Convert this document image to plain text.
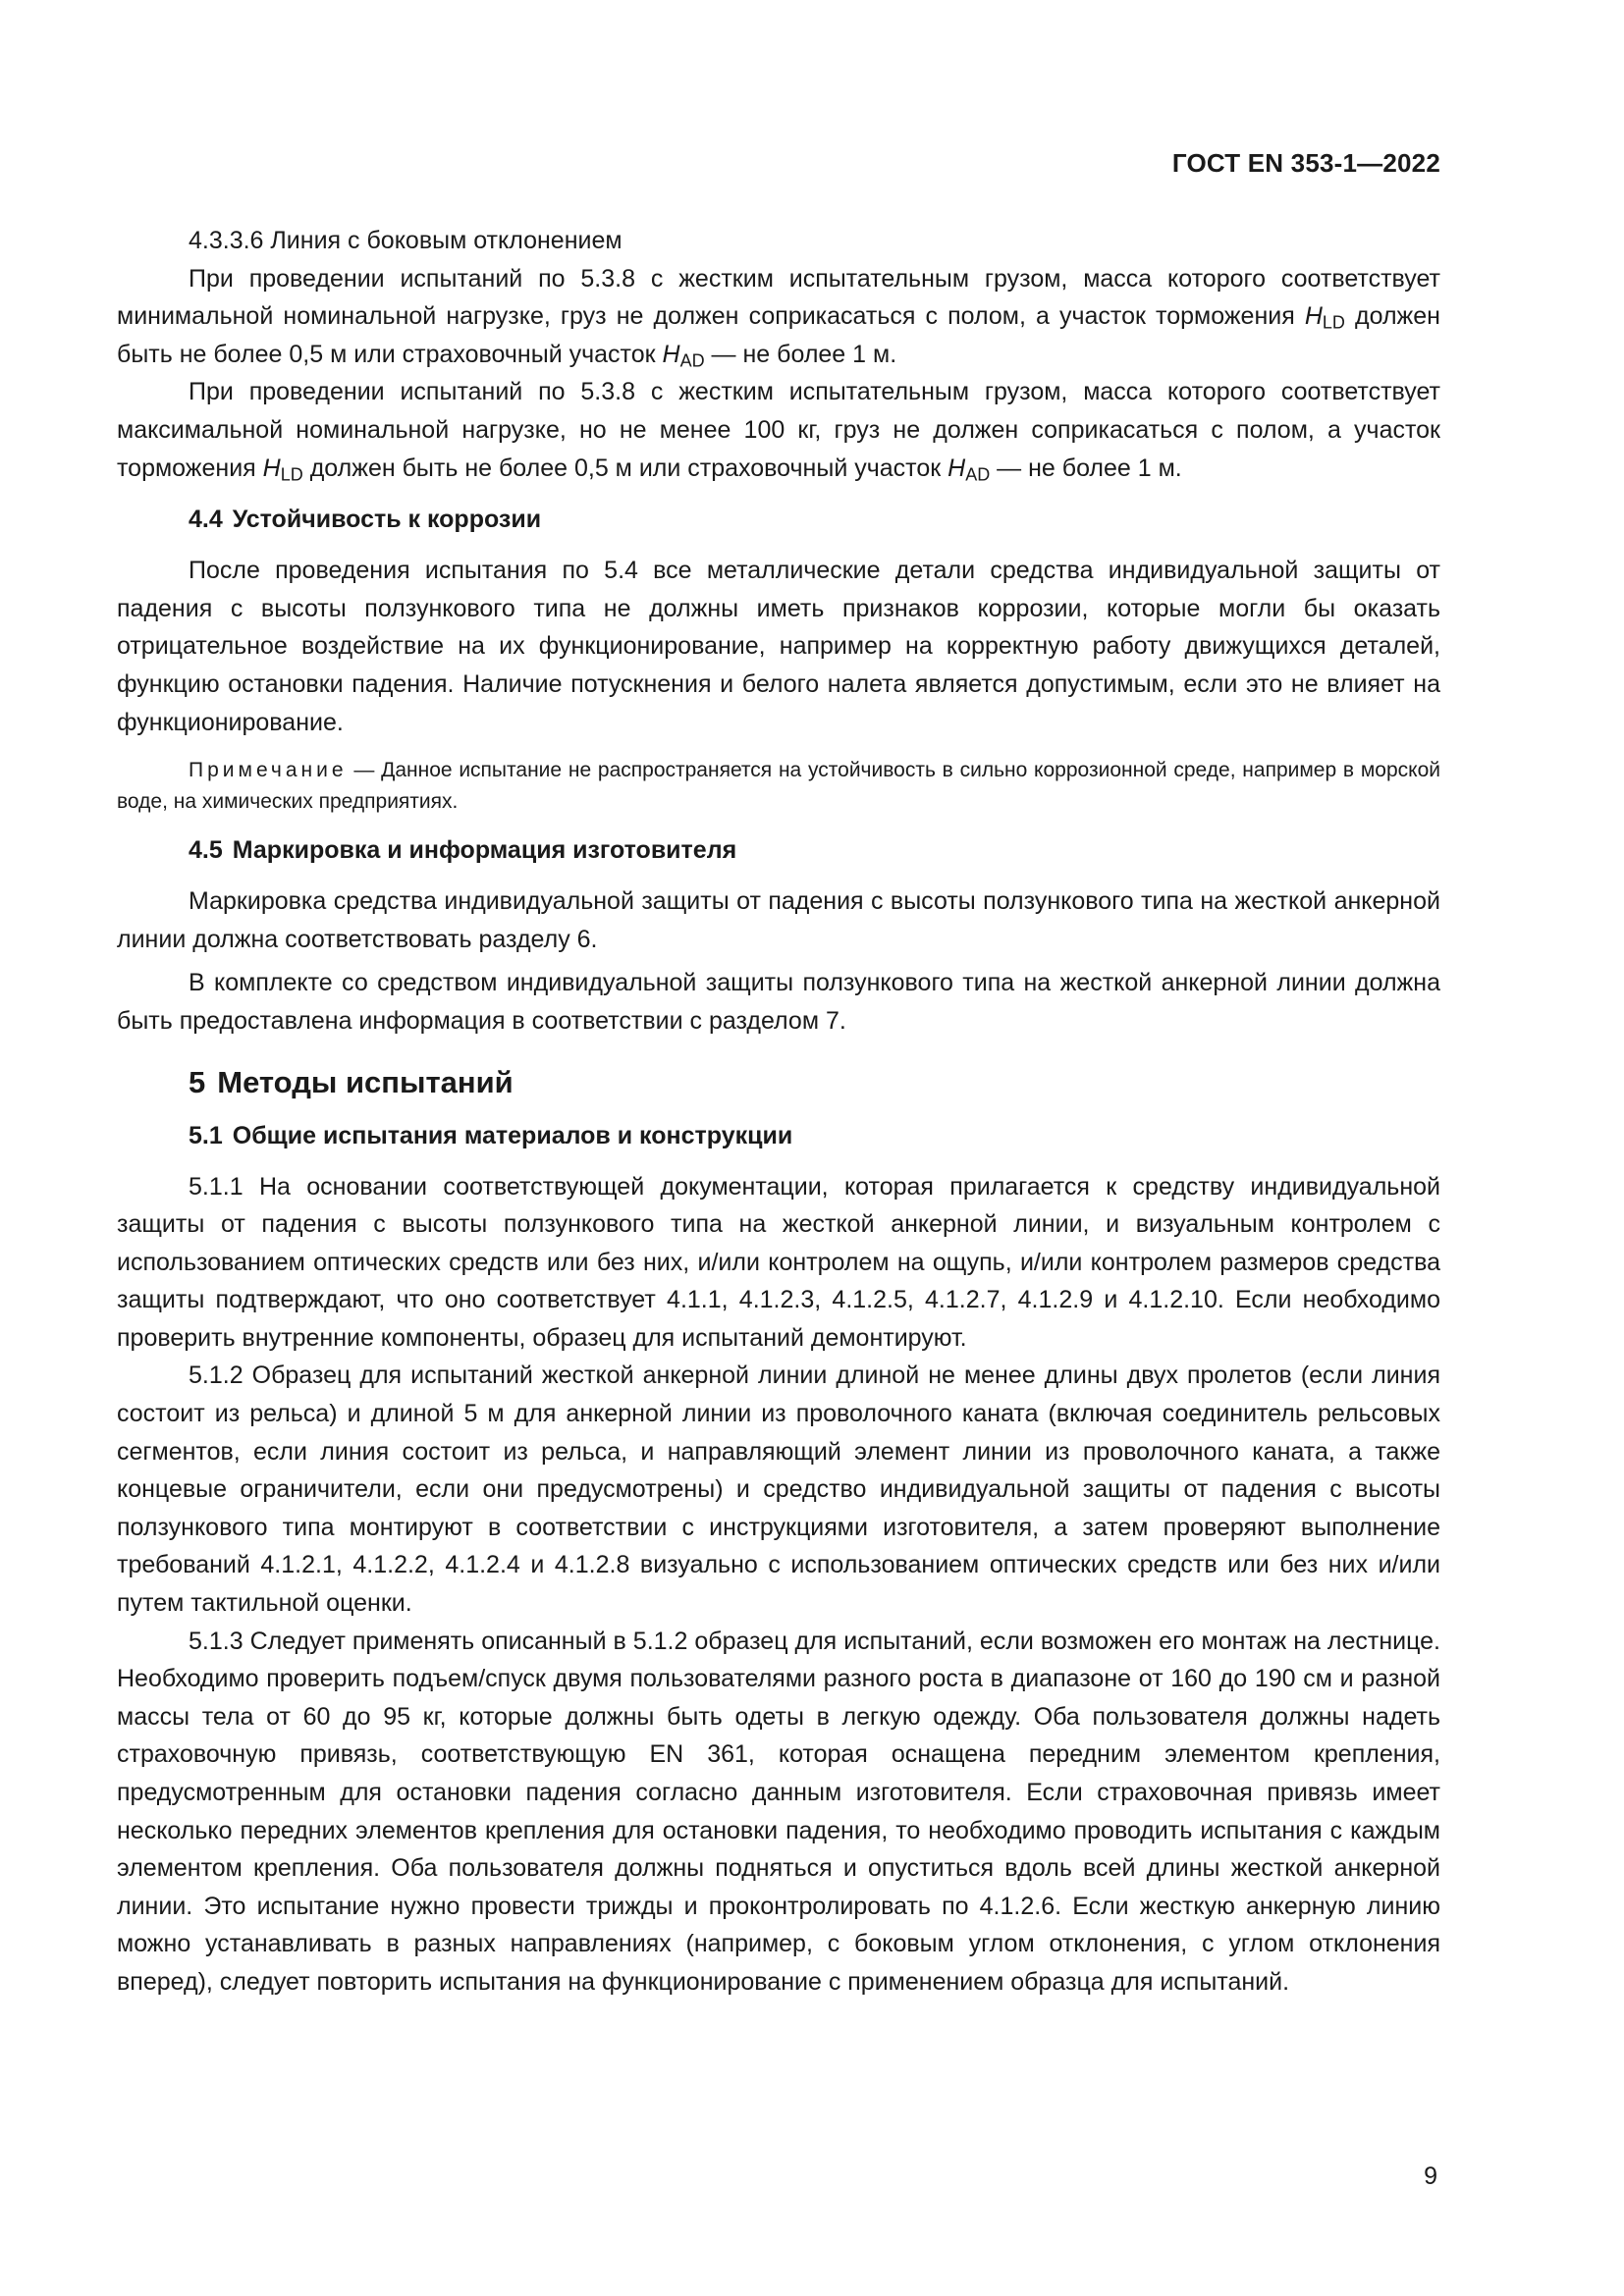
ГОСТ EN 353-1—2022

4.3.3.6 Линия с боковым отклонением

При проведении испытаний по 5.3.8 с жестким испытательным грузом, масса которого соответствует минимальной номинальной нагрузке, груз не должен соприкасаться с полом, а участок торможения $H_{LD}$ должен быть не более 0,5 м или страховочный участок $H_{AD}$ — не более 1 м.

При проведении испытаний по 5.3.8 с жестким испытательным грузом, масса которого соответствует максимальной номинальной нагрузке, но не менее 100 кг, груз не должен соприкасаться с полом, а участок торможения $H_{LD}$ должен быть не более 0,5 м или страховочный участок $H_{AD}$ — не более 1 м.

4.4 Устойчивость к коррозии

После проведения испытания по 5.4 все металлические детали средства индивидуальной защиты от падения с высоты ползункового типа не должны иметь признаков коррозии, которые могли бы оказать отрицательное воздействие на их функционирование, например на корректную работу движущихся деталей, функцию остановки падения. Наличие потускнения и белого налета является допустимым, если это не влияет на функционирование.

Примечание — Данное испытание не распространяется на устойчивость в сильно коррозионной среде, например в морской воде, на химических предприятиях.
4.5 Маркировка и информация изготовителя

Маркировка средства индивидуальной защиты от падения с высоты ползункового типа на жесткой анкерной линии должна соответствовать разделу 6.

В комплекте со средством индивидуальной защиты ползункового типа на жесткой анкерной линии должна быть предоставлена информация в соответствии с разделом 7.

5 Методы испытаний
5.1 Общие испытания материалов и конструкции

5.1.1 На основании соответствующей документации, которая прилагается к средству индивидуальной защиты от падения с высоты ползункового типа на жесткой анкерной линии, и визуальным контролем с использованием оптических средств или без них, и/или контролем на ощупь, и/или контролем размеров средства защиты подтверждают, что оно соответствует 4.1.1, 4.1.2.3, 4.1.2.5, 4.1.2.7, 4.1.2.9 и 4.1.2.10. Если необходимо проверить внутренние компоненты, образец для испытаний демонтируют.

5.1.2 Образец для испытаний жесткой анкерной линии длиной не менее длины двух пролетов (если линия состоит из рельса) и длиной 5 м для анкерной линии из проволочного каната (включая соединитель рельсовых сегментов, если линия состоит из рельса, и направляющий элемент линии из проволочного каната, а также концевые ограничители, если они предусмотрены) и средство индивидуальной защиты от падения с высоты ползункового типа монтируют в соответствии с инструкциями изготовителя, а затем проверяют выполнение требований 4.1.2.1, 4.1.2.2, 4.1.2.4 и 4.1.2.8 визуально с использованием оптических средств или без них и/или путем тактильной оценки.

5.1.3 Следует применять описанный в 5.1.2 образец для испытаний, если возможен его монтаж на лестнице. Необходимо проверить подъем/спуск двумя пользователями разного роста в диапазоне от 160 до 190 см и разной массы тела от 60 до 95 кг, которые должны быть одеты в легкую одежду. Оба пользователя должны надеть страховочную привязь, соответствующую EN 361, которая оснащена передним элементом крепления, предусмотренным для остановки падения согласно данным изготовителя. Если страховочная привязь имеет несколько передних элементов крепления для остановки падения, то необходимо проводить испытания с каждым элементом крепления. Оба пользователя должны подняться и опуститься вдоль всей длины жесткой анкерной линии. Это испытание нужно провести трижды и проконтролировать по 4.1.2.6. Если жесткую анкерную линию можно устанавливать в разных направлениях (например, с боковым углом отклонения, с углом отклонения вперед), следует повторить испытания на функционирование с применением образца для испытаний.

9
